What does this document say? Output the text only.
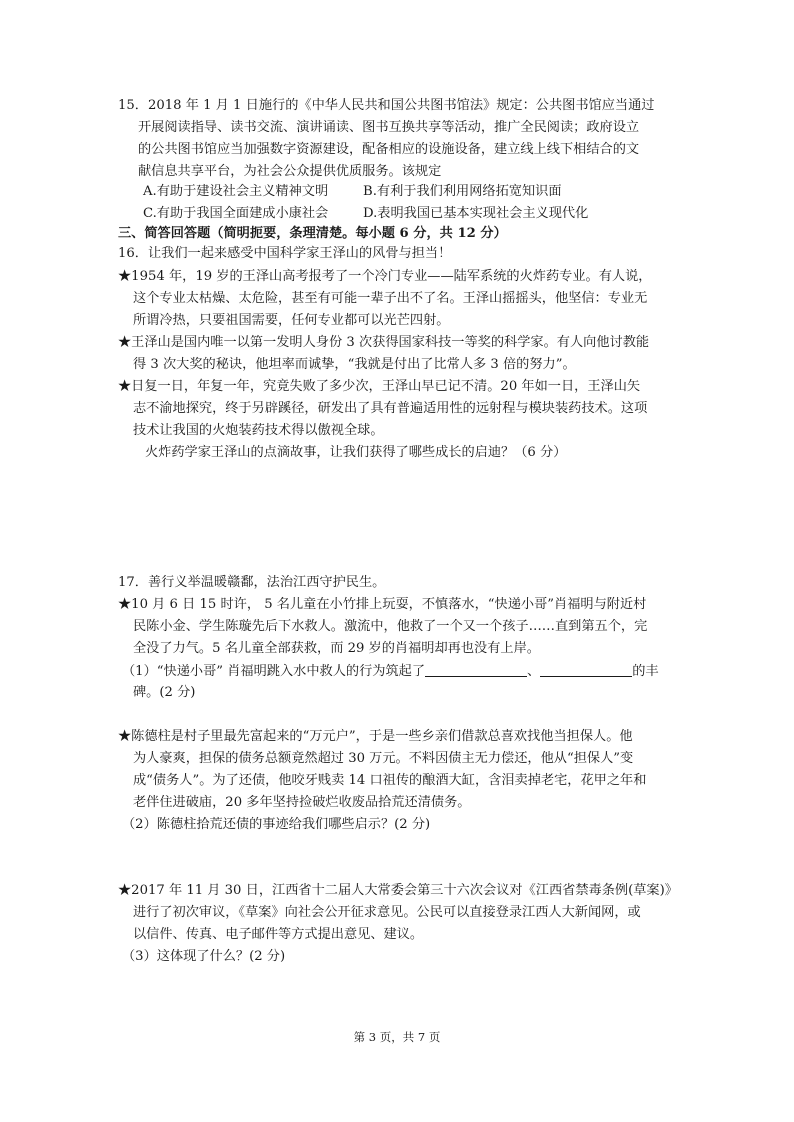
15．2018 年 1 月 1 日施行的《中华人民共和国公共图书馆法》规定：公共图书馆应当通过
开展阅读指导、读书交流、演讲诵读、图书互换共享等活动，推广全民阅读；政府设立
的公共图书馆应当加强数字资源建设，配备相应的设施设备，建立线上线下相结合的文
献信息共享平台，为社会公众提供优质服务。该规定
A.有助于建设社会主义精神文明	B.有利于我们利用网络拓宽知识面
C.有助于我国全面建成小康社会	D.表明我国已基本实现社会主义现代化
三、简答回答题（简明扼要，条理清楚。每小题 6 分，共 12 分）
16．让我们一起来感受中国科学家王泽山的风骨与担当！
★1954 年，19 岁的王泽山高考报考了一个冷门专业——陆军系统的火炸药专业。有人说，
这个专业太枯燥、太危险，甚至有可能一辈子出不了名。王泽山摇摇头，他坚信：专业无
所谓冷热，只要祖国需要，任何专业都可以光芒四射。
★王泽山是国内唯一以第一发明人身份 3 次获得国家科技一等奖的科学家。有人向他讨教能
得 3 次大奖的秘诀，他坦率而诚挚，“我就是付出了比常人多 3 倍的努力”。
★日复一日，年复一年，究竟失败了多少次，王泽山早已记不清。20 年如一日，王泽山矢
志不渝地探究，终于另辟蹊径，研发出了具有普遍适用性的远射程与模块装药技术。这项
技术让我国的火炮装药技术得以傲视全球。
火炸药学家王泽山的点滴故事，让我们获得了哪些成长的启迪？（6 分）
17．善行义举温暖赣鄱，法治江西守护民生。
★10 月 6 日 15 时许， 5 名儿童在小竹排上玩耍，不慎落水，“快递小哥”肖福明与附近村
民陈小金、学生陈璇先后下水救人。激流中，他救了一个又一个孩子……直到第五个，完
全没了力气。5 名儿童全部获救，而 29 岁的肖福明却再也没有上岸。
（1）“快递小哥” 肖福明跳入水中救人的行为筑起了	、	的丰
碑。(2 分)
★陈德柱是村子里最先富起来的“万元户”，于是一些乡亲们借款总喜欢找他当担保人。他
为人豪爽，担保的债务总额竟然超过 30 万元。不料因债主无力偿还，他从“担保人”变
成“债务人”。为了还债，他咬牙贱卖 14 口祖传的酿酒大缸，含泪卖掉老宅，花甲之年和
老伴住进破庙，20 多年坚持捡破烂收废品拾荒还清债务。
（2）陈德柱拾荒还债的事迹给我们哪些启示？(2 分)
★2017 年 11 月 30 日，江西省十二届人大常委会第三十六次会议对《江西省禁毒条例(草案)》
进行了初次审议，《草案》向社会公开征求意见。公民可以直接登录江西人大新闻网，或
以信件、传真、电子邮件等方式提出意见、建议。
（3）这体现了什么？(2 分)
第 3 页，共 7 页
